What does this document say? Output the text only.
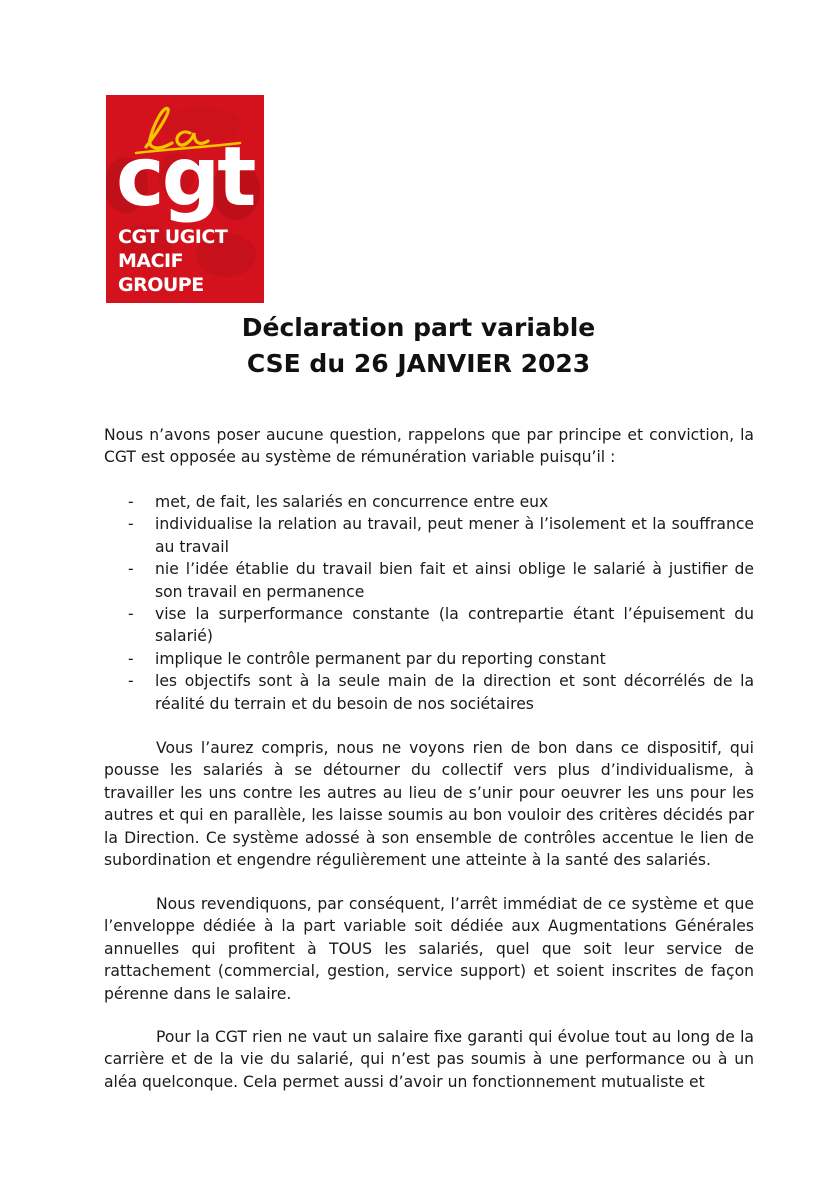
cgt
CGT UGICT
MACIF
GROUPE
Déclaration part variable
CSE du 26 JANVIER 2023

Nous n’avons poser aucune question, rappelons que par principe et conviction, la CGT est opposée au système de rémunération variable puisqu’il :

- met, de fait, les salariés en concurrence entre eux
- individualise la relation au travail, peut mener à l’isolement et la souffrance au travail
- nie l’idée établie du travail bien fait et ainsi oblige le salarié à justifier de son travail en permanence
- vise la surperformance constante (la contrepartie étant l’épuisement du salarié)
- implique le contrôle permanent par du reporting constant
- les objectifs sont à la seule main de la direction et sont décorrélés de la réalité du terrain et du besoin de nos sociétaires

Vous l’aurez compris, nous ne voyons rien de bon dans ce dispositif, qui pousse les salariés à se détourner du collectif vers plus d’individualisme, à travailler les uns contre les autres au lieu de s’unir pour oeuvrer les uns pour les autres et qui en parallèle, les laisse soumis au bon vouloir des critères décidés par la Direction. Ce système adossé à son ensemble de contrôles accentue le lien de subordination et engendre régulièrement une atteinte à la santé des salariés.

Nous revendiquons, par conséquent, l’arrêt immédiat de ce système et que l’enveloppe dédiée à la part variable soit dédiée aux Augmentations Générales annuelles qui profitent à TOUS les salariés, quel que soit leur service de rattachement (commercial, gestion, service support) et soient inscrites de façon pérenne dans le salaire.

Pour la CGT rien ne vaut un salaire fixe garanti qui évolue tout au long de la carrière et de la vie du salarié, qui n’est pas soumis à une performance ou à un aléa quelconque. Cela permet aussi d’avoir un fonctionnement mutualiste et
